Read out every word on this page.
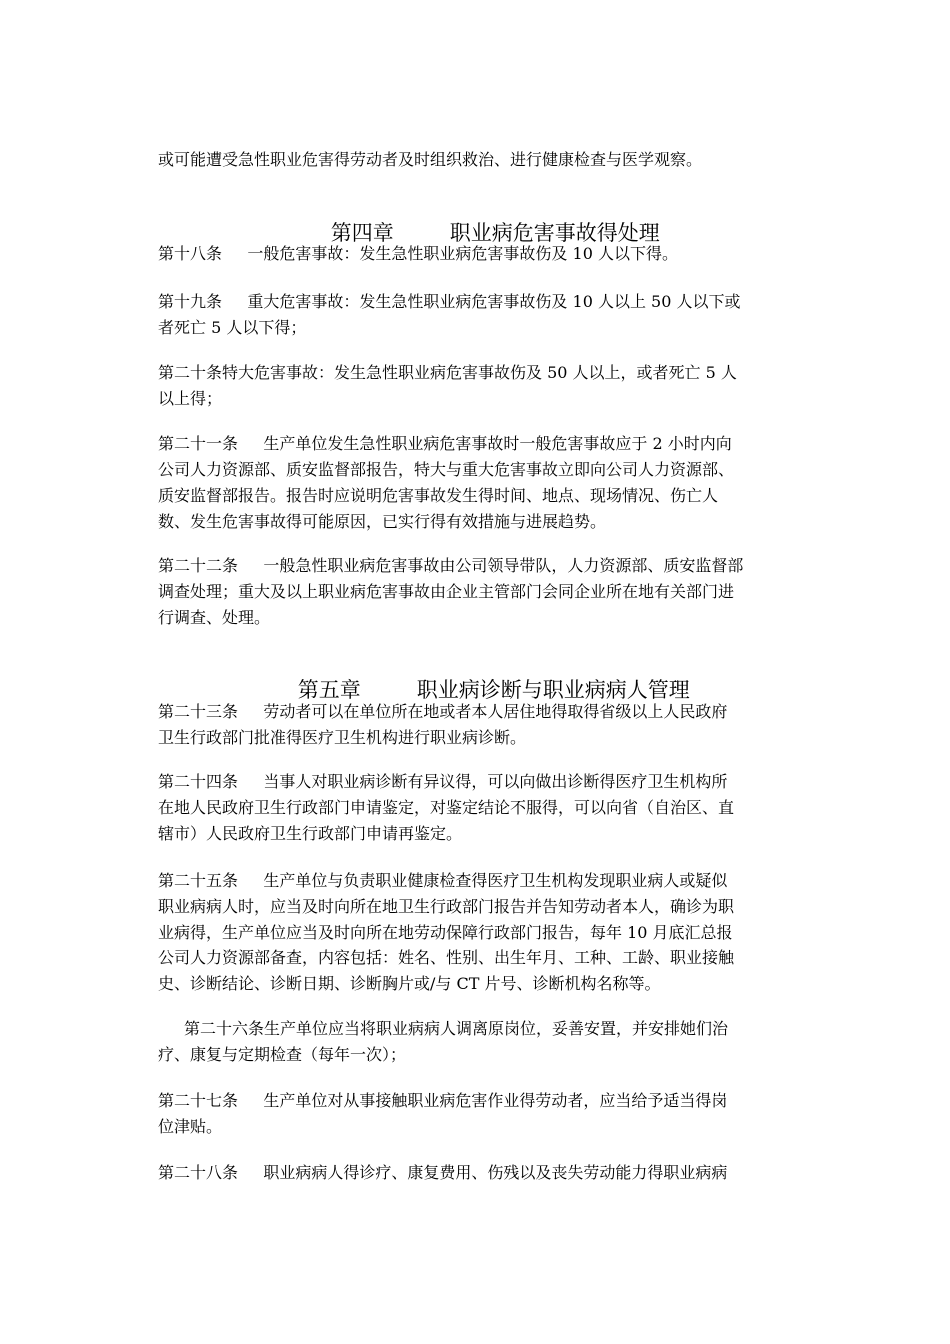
或可能遭受急性职业危害得劳动者及时组织救治、进行健康检查与医学观察。

第四章	职业病危害事故得处理

第十八条     一般危害事故：发生急性职业病危害事故伤及 10 人以下得。
第十九条     重大危害事故：发生急性职业病危害事故伤及 10 人以上 50 人以下或
者死亡 5 人以下得；
第二十条特大危害事故：发生急性职业病危害事故伤及 50 人以上，或者死亡 5 人
以上得；
第二十一条     生产单位发生急性职业病危害事故时一般危害事故应于 2 小时内向
公司人力资源部、质安监督部报告，特大与重大危害事故立即向公司人力资源部、
质安监督部报告。报告时应说明危害事故发生得时间、地点、现场情况、伤亡人
数、发生危害事故得可能原因，已实行得有效措施与进展趋势。
第二十二条     一般急性职业病危害事故由公司领导带队，人力资源部、质安监督部
调查处理；重大及以上职业病危害事故由企业主管部门会同企业所在地有关部门进
行调查、处理。

第五章	职业病诊断与职业病病人管理

第二十三条     劳动者可以在单位所在地或者本人居住地得取得省级以上人民政府
卫生行政部门批准得医疗卫生机构进行职业病诊断。
第二十四条     当事人对职业病诊断有异议得，可以向做出诊断得医疗卫生机构所
在地人民政府卫生行政部门申请鉴定，对鉴定结论不服得，可以向省（自治区、直
辖市）人民政府卫生行政部门申请再鉴定。
第二十五条     生产单位与负责职业健康检查得医疗卫生机构发现职业病人或疑似
职业病病人时，应当及时向所在地卫生行政部门报告并告知劳动者本人，确诊为职
业病得，生产单位应当及时向所在地劳动保障行政部门报告，每年 10 月底汇总报
公司人力资源部备查，内容包括：姓名、性别、出生年月、工种、工龄、职业接触
史、诊断结论、诊断日期、诊断胸片或/与 CT 片号、诊断机构名称等。
第二十六条生产单位应当将职业病病人调离原岗位，妥善安置，并安排她们治
疗、康复与定期检查（每年一次）；
第二十七条     生产单位对从事接触职业病危害作业得劳动者，应当给予适当得岗
位津贴。
第二十八条     职业病病人得诊疗、康复费用、伤残以及丧失劳动能力得职业病病
